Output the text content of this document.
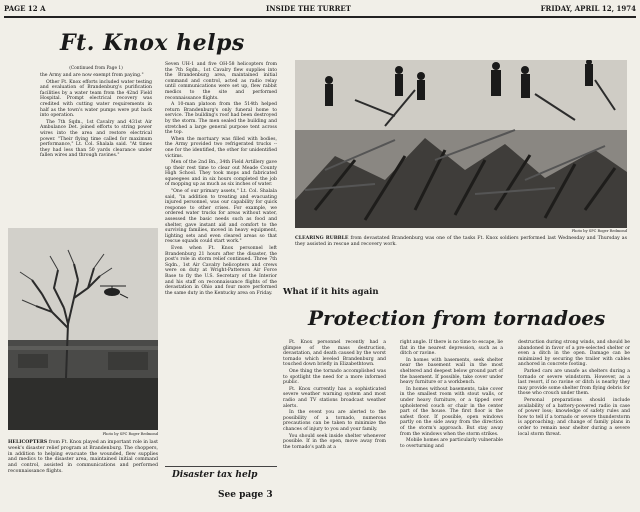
PAGE 12 A	INSIDE THE TURRET	FRIDAY, APRIL 12, 1974
Ft. Knox helps
(Continued from Page 1)

the Army and are now exempt from paying."

Other Ft. Knox efforts included water testing and evaluation of Brandenburg's purification facilities by a water team from the 42nd Field Hospital. Prompt electrical recovery was credited with cutting water requirements in half as the town's water pumps were put back into operation.

The 7th Sqdn., 1st Cavalry and 431st Air Ambulance Det. joined efforts to string power wires into the area and restore electrical power. "Their flying time called for maximum performance," Lt. Col. Shalala said. "At times they had less than 50 yards clearance under fallen wires and through ravines."

Photo by SPC Roger Redmond
HELICOPTERS from Ft. Knox played an important role in last week's disaster relief program at Brandenburg. The choppers, in addition to helping evacuate the wounded, flew supplies and medics to the disaster area, maintained initial command and control, assisted in communications and performed reconnaissance flights.

Seven UH-1 and five OH-58 helicopters from the 7th Sqdn., 1st Cavalry flew supplies into the Brandenburg area, maintained initial command and control, acted as radio relay until communications were set up, flew rabbit medics to the site and performed reconnaissance flights.

A 10-man platoon from the 514th helped return Brandenburg's only funeral home to service. The building's roof had been destroyed by the storm. The men sealed the building and stretched a large general purpose tent across the top.

When the mortuary was filled with bodies, the Army provided two refrigerated trucks -- one for the identified, the other for unidentified victims.

Men of the 2nd Bn., 34th Field Artillery gave up their rest time to clear out Meade County High School. They took mops and fabricated squeegees and in six hours completed the job of mopping up as much as six inches of water.

"One of our primary assets," Lt. Col. Shalala said, "in addition to treating and evacuating injured personnel, was our capability for quick response to other crises. For example, we ordered water trucks for areas without water, assessed the basic needs such as food and shelter, gave instant aid and comfort to the surviving families, moved in heavy equipment, lighting sets and even cleared areas so that rescue squads could start work."

Even when Ft. Knox personnel left Brandenburg 21 hours after the disaster, the post's role in storm relief continued. Three 7th Sqdn., 1st Air Cavalry helicopters and crews were on duty at Wright-Patterson Air Force Base to fly the U.S. Secretary of the Interior and his staff on reconnaissance flights of the devastation in Ohio and four more performed the same duty in the Kentucky area on Friday.

Disaster tax help
See page 3
Photo by SPC Roger Redmond
CLEARING RUBBLE from devastated Brandenburg was one of the tasks Ft. Knox soldiers performed last Wednesday and Thursday as they assisted in rescue and recovery work.
What if it hits again
Protection from tornadoes

Ft. Knox personnel recently had a glimpse of the mass destruction, devastation, and death caused by the worst tornado which leveled Brandenburg and touched down briefly in Elizabethtown.

One thing the tornado accomplished was to spotlight the need for a more informed public.

Ft. Knox currently has a sophisticated severe weather warning system and most radio and TV stations broadcast weather alerts.

In the event you are alerted to the possibility of a tornado, numerous precautions can be taken to minimize the chances of injury to you and your family.

You should seek inside shelter whenever possible. If in the open, move away from the tornado's path at a

right angle. If there is no time to escape, lie flat in the nearest depression, such as a ditch or ravine.

In homes with basements, seek shelter near the basement wall in the most sheltered and deepest below ground part of the basement. If possible, take cover under heavy furniture or a workbench.

In homes without basements, take cover in the smallest room with stout walls, or under heavy furniture, or a tipped over upholstered couch or chair in the center part of the house. The first floor is the safest floor. If possible, open windows partly on the side away from the direction of the storm's approach. But stay away from the windows when the storm strikes.

Mobile homes are particularly vulnerable to overturning and

destruction during strong winds, and should be abandoned in favor of a pre-selected shelter or even a ditch in the open. Damage can be minimized by securing the trailer with cables anchored in concrete footing.

Parked cars are unsafe as shelters during a tornado or severe windstorm. However, as a last resort, if no ravine or ditch is nearby they may provide some shelter from flying debris for those who crouch under them.

Personal preparations should include availability of a battery-powered radio in case of power loss; knowledge of safety rules and how to tell if a tornado or severe thunderstorm is approaching; and change of family plans in order to remain near shelter during a severe local storm threat.
